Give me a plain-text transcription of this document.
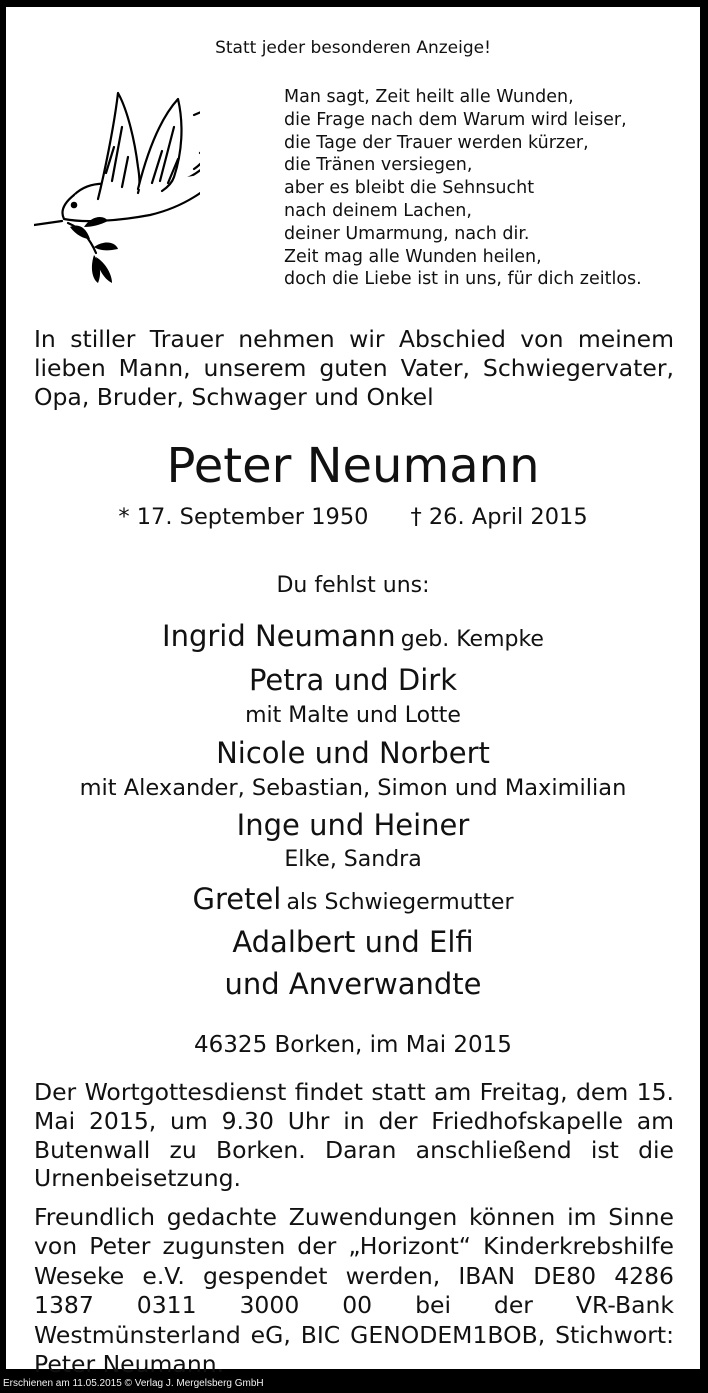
Statt jeder besonderen Anzeige!
Man sagt, Zeit heilt alle Wunden,
die Frage nach dem Warum wird leiser,
die Tage der Trauer werden kürzer,
die Tränen versiegen,
aber es bleibt die Sehnsucht
nach deinem Lachen,
deiner Umarmung, nach dir.
Zeit mag alle Wunden heilen,
doch die Liebe ist in uns, für dich zeitlos.
In stiller Trauer nehmen wir Abschied von meinem lieben Mann, unserem guten Vater, Schwiegervater, Opa, Bruder, Schwager und Onkel
Peter Neumann
* 17. September 1950 † 26. April 2015
Du fehlst uns:
Ingrid Neumann geb. Kempke
Petra und Dirk
mit Malte und Lotte
Nicole und Norbert
mit Alexander, Sebastian, Simon und Maximilian
Inge und Heiner
Elke, Sandra
Gretel als Schwiegermutter
Adalbert und Elfi
und Anverwandte
46325 Borken, im Mai 2015
Der Wortgottesdienst findet statt am Freitag, dem 15. Mai 2015, um 9.30 Uhr in der Friedhofskapelle am Butenwall zu Borken. Daran anschließend ist die Urnenbeisetzung.
Freundlich gedachte Zuwendungen können im Sinne von Peter zugunsten der „Horizont“ Kinderkrebshilfe Weseke e.V. gespendet werden, IBAN DE80 4286 1387 0311 3000 00 bei der VR-Bank Westmünsterland eG, BIC GENODEM1BOB, Stichwort: Peter Neumann.
Erschienen am 11.05.2015 © Verlag J. Mergelsberg GmbH
